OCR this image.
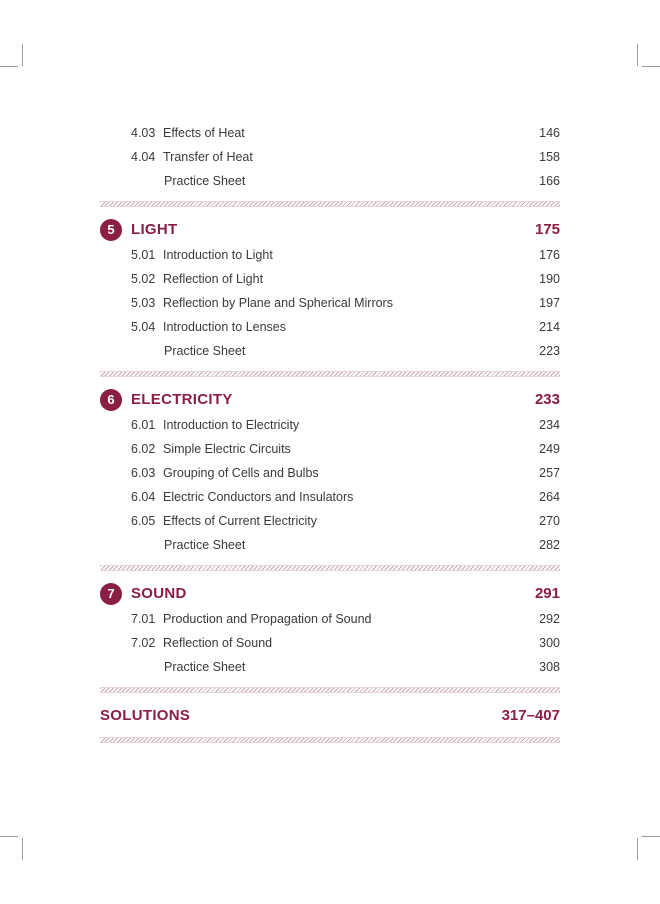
4.03 Effects of Heat	146
4.04 Transfer of Heat	158
Practice Sheet	166
5	LIGHT	175
5.01 Introduction to Light	176
5.02 Reflection of Light	190
5.03 Reflection by Plane and Spherical Mirrors	197
5.04 Introduction to Lenses	214
Practice Sheet	223
6	ELECTRICITY	233
6.01 Introduction to Electricity	234
6.02 Simple Electric Circuits	249
6.03 Grouping of Cells and Bulbs	257
6.04 Electric Conductors and Insulators	264
6.05 Effects of Current Electricity	270
Practice Sheet	282
7	SOUND	291
7.01 Production and Propagation of Sound	292
7.02 Reflection of Sound	300
Practice Sheet	308
SOLUTIONS	317–407
